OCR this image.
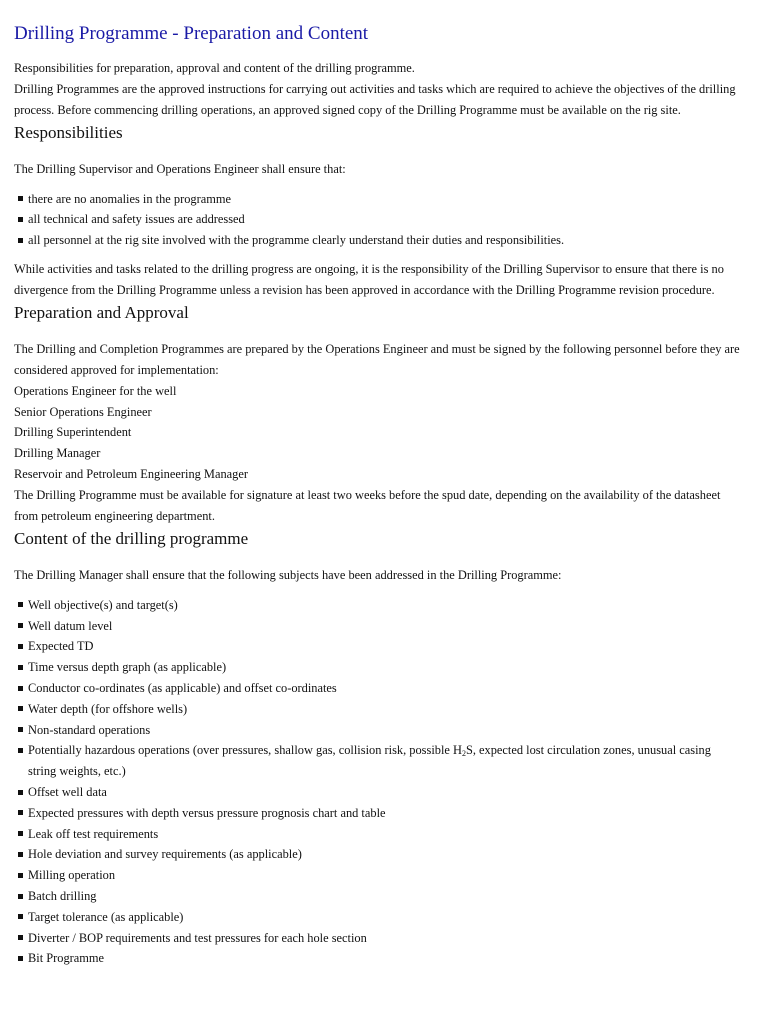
Drilling Programme - Preparation and Content

Responsibilities for preparation, approval and content of the drilling programme.

Drilling Programmes are the approved instructions for carrying out activities and tasks which are required to achieve the objectives of the drilling process. Before commencing drilling operations, an approved signed copy of the Drilling Programme must be available on the rig site.

Responsibilities

The Drilling Supervisor and Operations Engineer shall ensure that:

there are no anomalies in the programme
all technical and safety issues are addressed
all personnel at the rig site involved with the programme clearly understand their duties and responsibilities.

While activities and tasks related to the drilling progress are ongoing, it is the responsibility of the Drilling Supervisor to ensure that there is no divergence from the Drilling Programme unless a revision has been approved in accordance with the Drilling Programme revision procedure.

Preparation and Approval

The Drilling and Completion Programmes are prepared by the Operations Engineer and must be signed by the following personnel before they are considered approved for implementation:

Operations Engineer for the well
Senior Operations Engineer
Drilling Superintendent
Drilling Manager
Reservoir and Petroleum Engineering Manager

The Drilling Programme must be available for signature at least two weeks before the spud date, depending on the availability of the datasheet from petroleum engineering department.

Content of the drilling programme

The Drilling Manager shall ensure that the following subjects have been addressed in the Drilling Programme:

Well objective(s) and target(s)
Well datum level
Expected TD
Time versus depth graph (as applicable)
Conductor co-ordinates (as applicable) and offset co-ordinates
Water depth (for offshore wells)
Non-standard operations
Potentially hazardous operations (over pressures, shallow gas, collision risk, possible $H_2S$, expected lost circulation zones, unusual casing string weights, etc.)
Offset well data
Expected pressures with depth versus pressure prognosis chart and table
Leak off test requirements
Hole deviation and survey requirements (as applicable)
Milling operation
Batch drilling
Target tolerance (as applicable)
Diverter / BOP requirements and test pressures for each hole section
Bit Programme
